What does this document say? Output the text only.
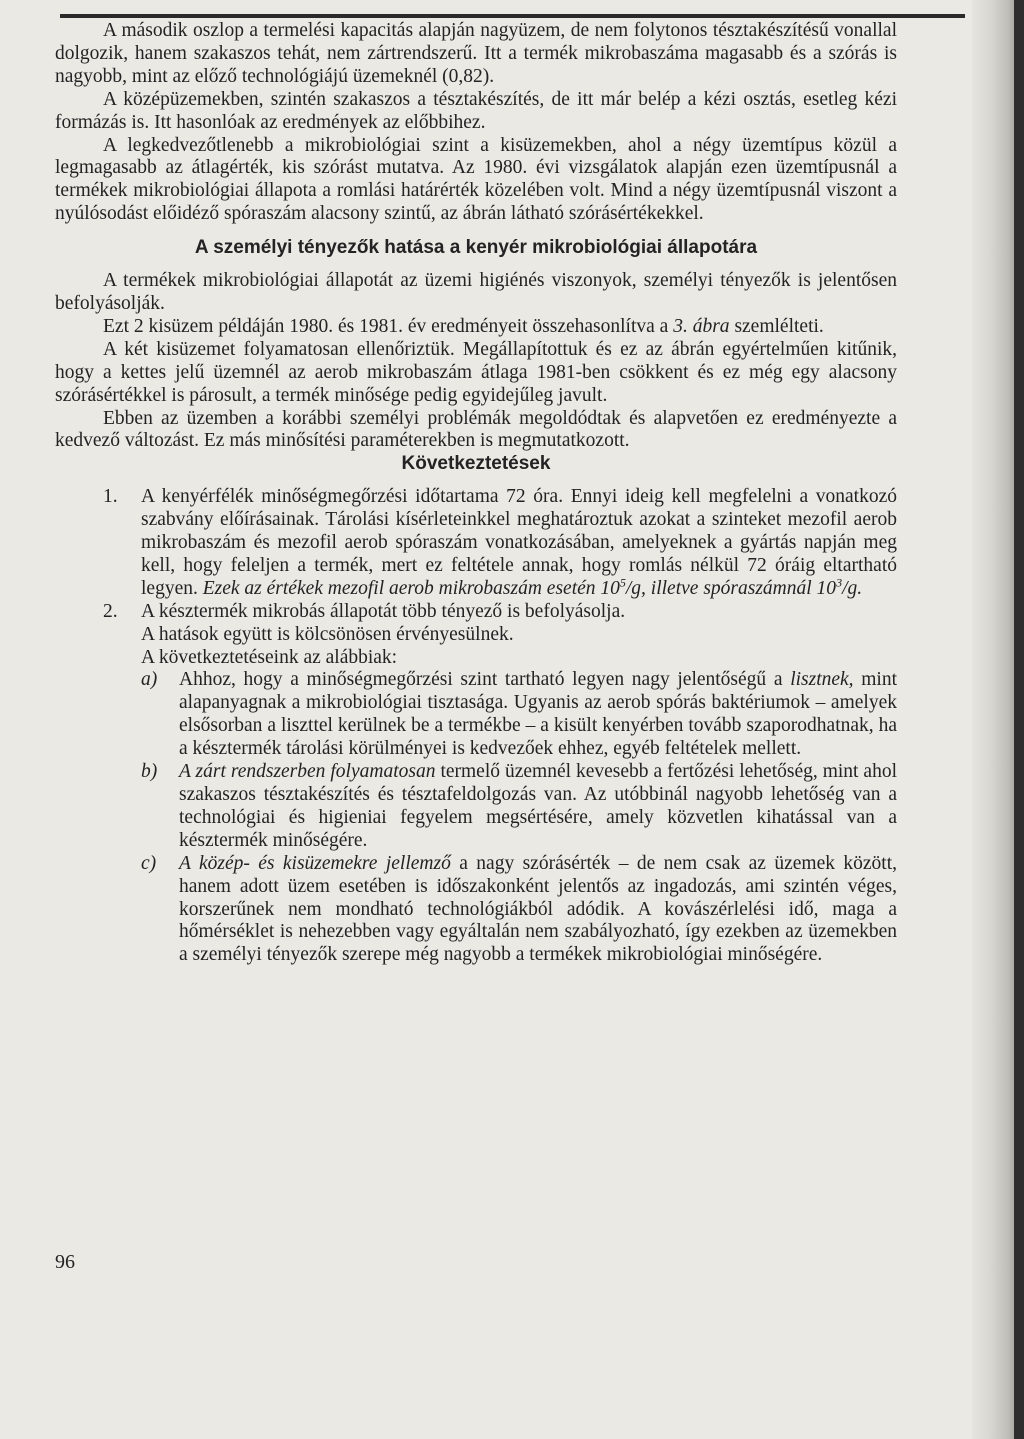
A második oszlop a termelési kapacitás alapján nagyüzem, de nem folytonos tésztakészítésű vonallal dolgozik, hanem szakaszos tehát, nem zártrendszerű. Itt a termék mikrobaszáma magasabb és a szórás is nagyobb, mint az előző technológiájú üzemeknél (0,82).

A középüzemekben, szintén szakaszos a tésztakészítés, de itt már belép a kézi osztás, esetleg kézi formázás is. Itt hasonlóak az eredmények az előbbihez.

A legkedvezőtlenebb a mikrobiológiai szint a kisüzemekben, ahol a négy üzemtípus közül a legmagasabb az átlagérték, kis szórást mutatva. Az 1980. évi vizsgálatok alapján ezen üzemtípusnál a termékek mikrobiológiai állapota a romlási határérték közelében volt. Mind a négy üzemtípusnál viszont a nyúlósodást előidéző spóraszám alacsony szintű, az ábrán látható szórásértékekkel.

A személyi tényezők hatása a kenyér mikrobiológiai állapotára

A termékek mikrobiológiai állapotát az üzemi higiénés viszonyok, személyi tényezők is jelentősen befolyásolják.

Ezt 2 kisüzem példáján 1980. és 1981. év eredményeit összehasonlítva a 3. ábra szemlélteti.

A két kisüzemet folyamatosan ellenőriztük. Megállapítottuk és ez az ábrán egyértelműen kitűnik, hogy a kettes jelű üzemnél az aerob mikrobaszám átlaga 1981-ben csökkent és ez még egy alacsony szórásértékkel is párosult, a termék minősége pedig egyidejűleg javult.

Ebben az üzemben a korábbi személyi problémák megoldódtak és alapvetően ez eredményezte a kedvező változást. Ez más minősítési paraméterekben is megmutatkozott.

Következtetések

1.	A kenyérfélék minőségmegőrzési időtartama 72 óra. Ennyi ideig kell megfelelni a vonatkozó szabvány előírásainak. Tárolási kísérleteinkkel meghatároztuk azokat a szinteket mezofil aerob mikrobaszám és mezofil aerob spóraszám vonatkozásában, amelyeknek a gyártás napján meg kell, hogy feleljen a termék, mert ez feltétele annak, hogy romlás nélkül 72 óráig eltartható legyen. Ezek az értékek mezofil aerob mikrobaszám esetén $10^5/g$, illetve spóraszámnál $10^3/g$.
2.	A késztermék mikrobás állapotát több tényező is befolyásolja.
A hatások együtt is kölcsönösen érvényesülnek.
A következtetéseink az alábbiak:
a)	Ahhoz, hogy a minőségmegőrzési szint tartható legyen nagy jelentőségű a lisztnek, mint alapanyagnak a mikrobiológiai tisztasága. Ugyanis az aerob spórás baktériumok – amelyek elsősorban a liszttel kerülnek be a termékbe – a kisült kenyérben tovább szaporodhatnak, ha a késztermék tárolási körülményei is kedvezőek ehhez, egyéb feltételek mellett.
b)	A zárt rendszerben folyamatosan termelő üzemnél kevesebb a fertőzési lehetőség, mint ahol szakaszos tésztakészítés és tésztafeldolgozás van. Az utóbbinál nagyobb lehetőség van a technológiai és higieniai fegyelem megsértésére, amely közvetlen kihatással van a késztermék minőségére.
c)	A közép- és kisüzemekre jellemző a nagy szórásérték – de nem csak az üzemek között, hanem adott üzem esetében is időszakonként jelentős az ingadozás, ami szintén véges, korszerűnek nem mondható technológiákból adódik. A kovászérlelési idő, maga a hőmérséklet is nehezebben vagy egyáltalán nem szabályozható, így ezekben az üzemekben a személyi tényezők szerepe még nagyobb a termékek mikrobiológiai minőségére.
96
